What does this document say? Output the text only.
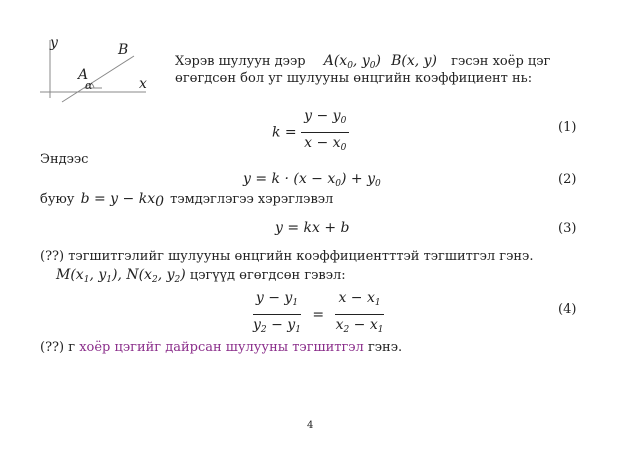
y
x
B
A
α
Хэрэв шулуун дээр $A(x_0$, $y_0$) B(x, y) гэсэн хоёр цэг
өгөгдсөн бол уг шулууны өнцгийн коэффициент нь:
$k = \frac{y - y_0}{x - x_0}$	(1)
Эндээс
$y = k \cdot (x - x_0) + y_0$	(2)
буюу $b = y - kx_0$ тэмдэглэгээ хэрэглэвэл
y = kx + b	(3)
(??) тэгшитгэлийг шулууны өнцгийн коэффициентттэй тэгшитгэл гэнэ.
$M(x_1$, $y_1$), $N(x_2$, $y_2$) цэгүүд өгөгдсөн гэвэл:
$\frac{y - y_1}{y_2 - y_1} = \frac{x - x_1}{x_2 - x_1}$	(4)
(??) г хоёр цэгийг дайрсан шулууны тэгшитгэл гэнэ.
4
